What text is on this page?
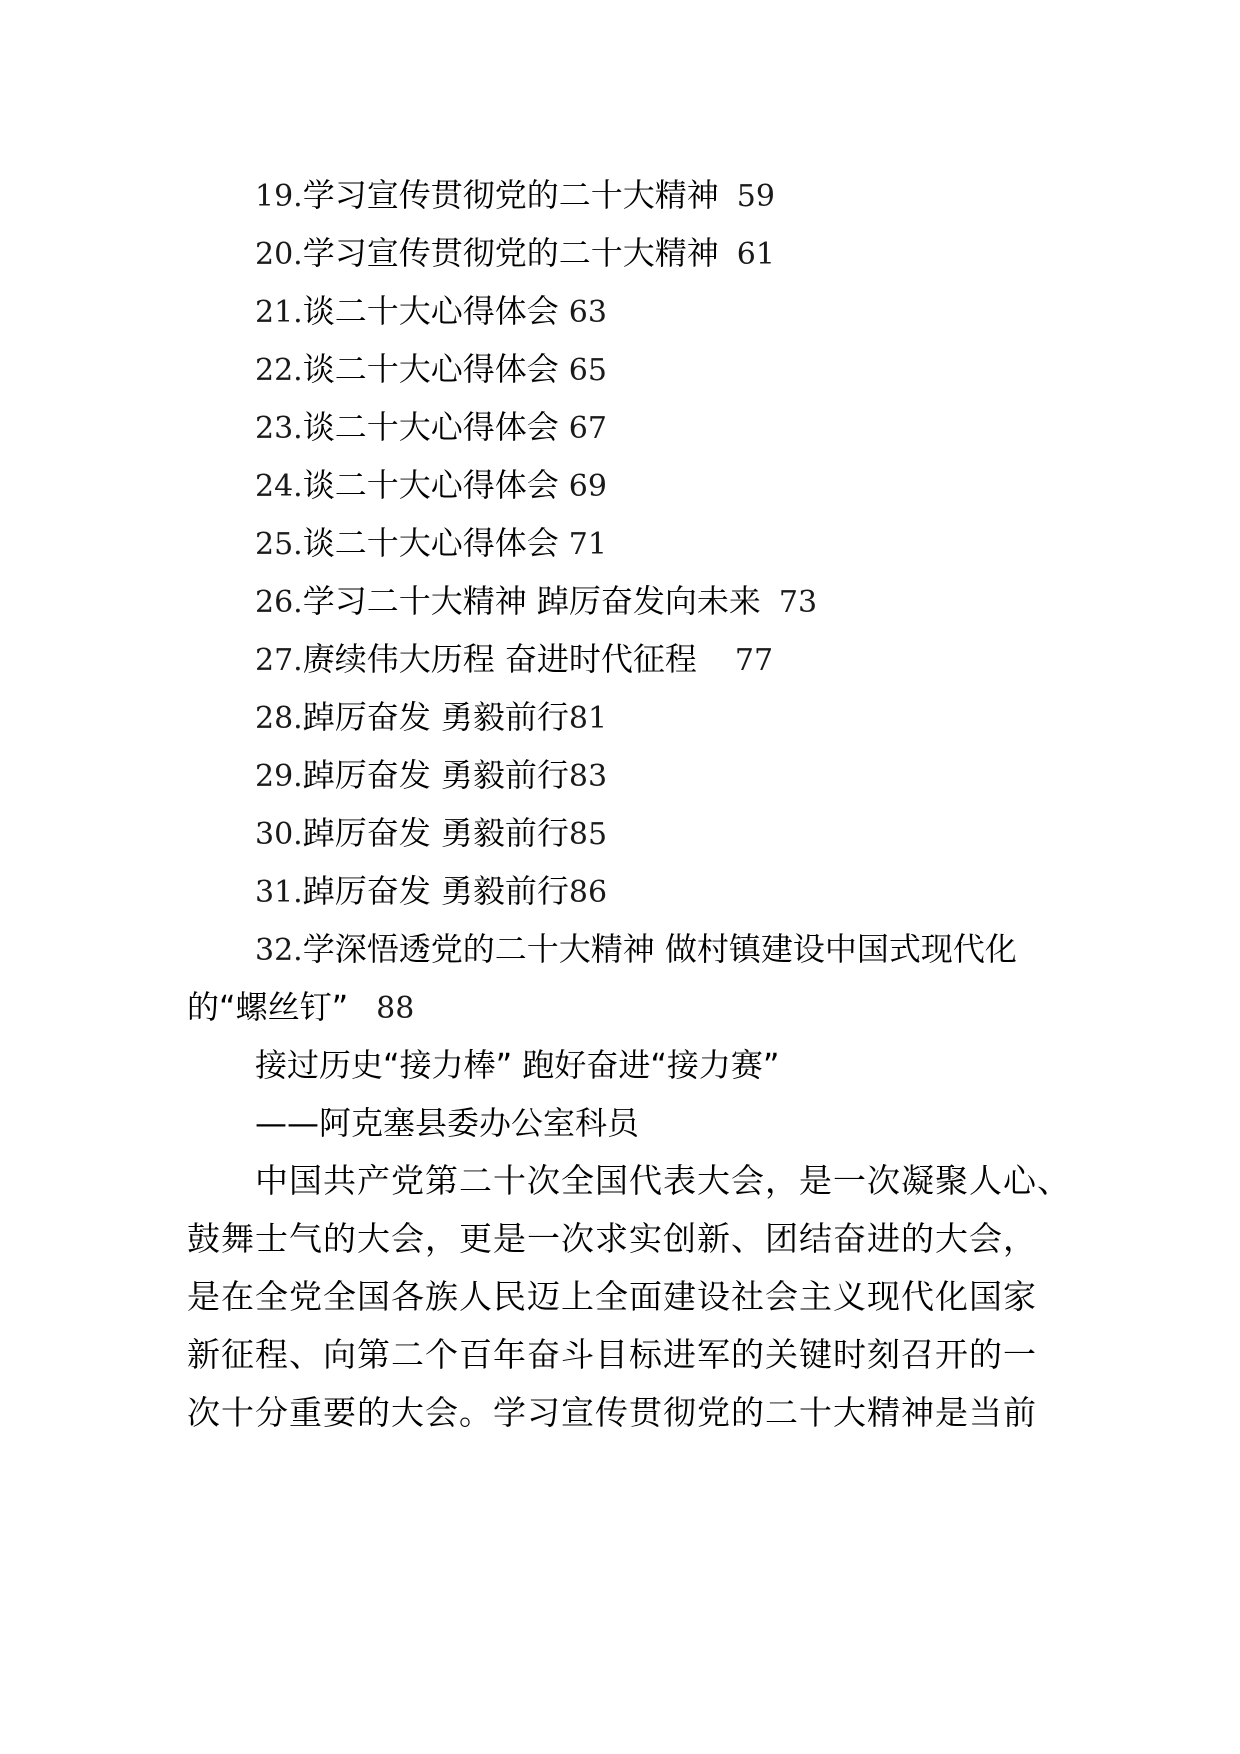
19.学习宣传贯彻党的二十大精神 59
20.学习宣传贯彻党的二十大精神 61
21.谈二十大心得体会 63
22.谈二十大心得体会 65
23.谈二十大心得体会 67
24.谈二十大心得体会 69
25.谈二十大心得体会 71
26.学习二十大精神 踔厉奋发向未来 73
27.赓续伟大历程 奋进时代征程 77
28.踔厉奋发 勇毅前行81
29.踔厉奋发 勇毅前行83
30.踔厉奋发 勇毅前行85
31.踔厉奋发 勇毅前行86
32.学深悟透党的二十大精神 做村镇建设中国式现代化
的“螺丝钉” 88
接过历史“接力棒” 跑好奋进“接力赛”
——阿克塞县委办公室科员
中国共产党第二十次全国代表大会，是一次凝聚人心、
鼓舞士气的大会，更是一次求实创新、团结奋进的大会，
是在全党全国各族人民迈上全面建设社会主义现代化国家
新征程、向第二个百年奋斗目标进军的关键时刻召开的一
次十分重要的大会。学习宣传贯彻党的二十大精神是当前
